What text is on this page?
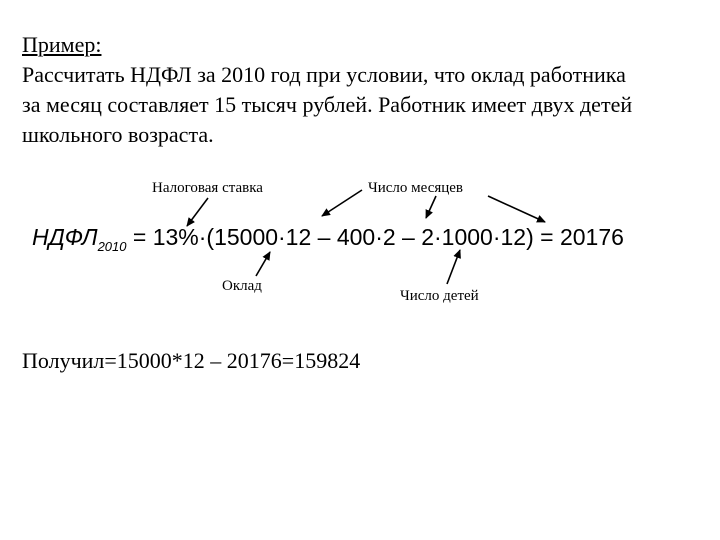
Пример:
Рассчитать НДФЛ за 2010 год при условии, что оклад работника
за месяц составляет 15 тысяч рублей. Работник имеет двух детей
школьного возраста.
Налоговая ставка	Число месяцев
Оклад
Число детей
$НДФЛ_{2010} = 13\%\cdot(15000\cdot 12 - 400\cdot 2 - 2\cdot 1000\cdot 12) = 20176$
Получил=15000*12 – 20176=159824
